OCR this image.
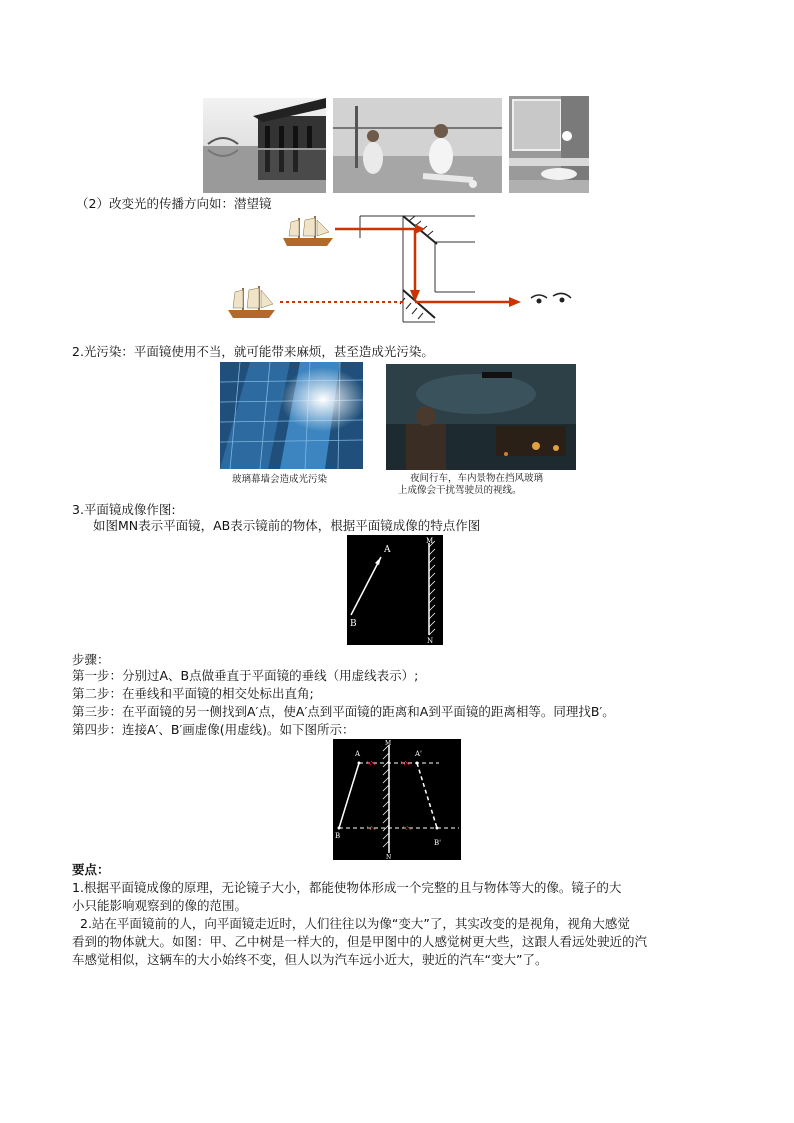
（2）改变光的传播方向如：潜望镜
2.光污染：平面镜使用不当，就可能带来麻烦，甚至造成光污染。
玻璃幕墙会造成光污染	夜间行车，车内景物在挡风玻璃
上成像会干扰驾驶员的视线。
3.平面镜成像作图:
如图MN表示平面镜，AB表示镜前的物体，根据平面镜成像的特点作图
A
B
M
N
步骤：
第一步：分别过A、B点做垂直于平面镜的垂线（用虚线表示）;
第二步：在垂线和平面镜的相交处标出直角;
第三步：在平面镜的另一侧找到A′点，使A′点到平面镜的距离和A到平面镜的距离相等。同理找B′。
第四步：连接A′、B′画虚像(用虚线)。如下图所示：
A	A'
B
B'
M
N
要点：
1.根据平面镜成像的原理，无论镜子大小，都能使物体形成一个完整的且与物体等大的像。镜子的大
小只能影响观察到的像的范围。
2.站在平面镜前的人，向平面镜走近时，人们往往以为像“变大”了，其实改变的是视角，视角大感觉
看到的物体就大。如图：甲、乙中树是一样大的，但是甲图中的人感觉树更大些，这跟人看远处驶近的汽
车感觉相似，这辆车的大小始终不变，但人以为汽车远小近大，驶近的汽车“变大”了。
